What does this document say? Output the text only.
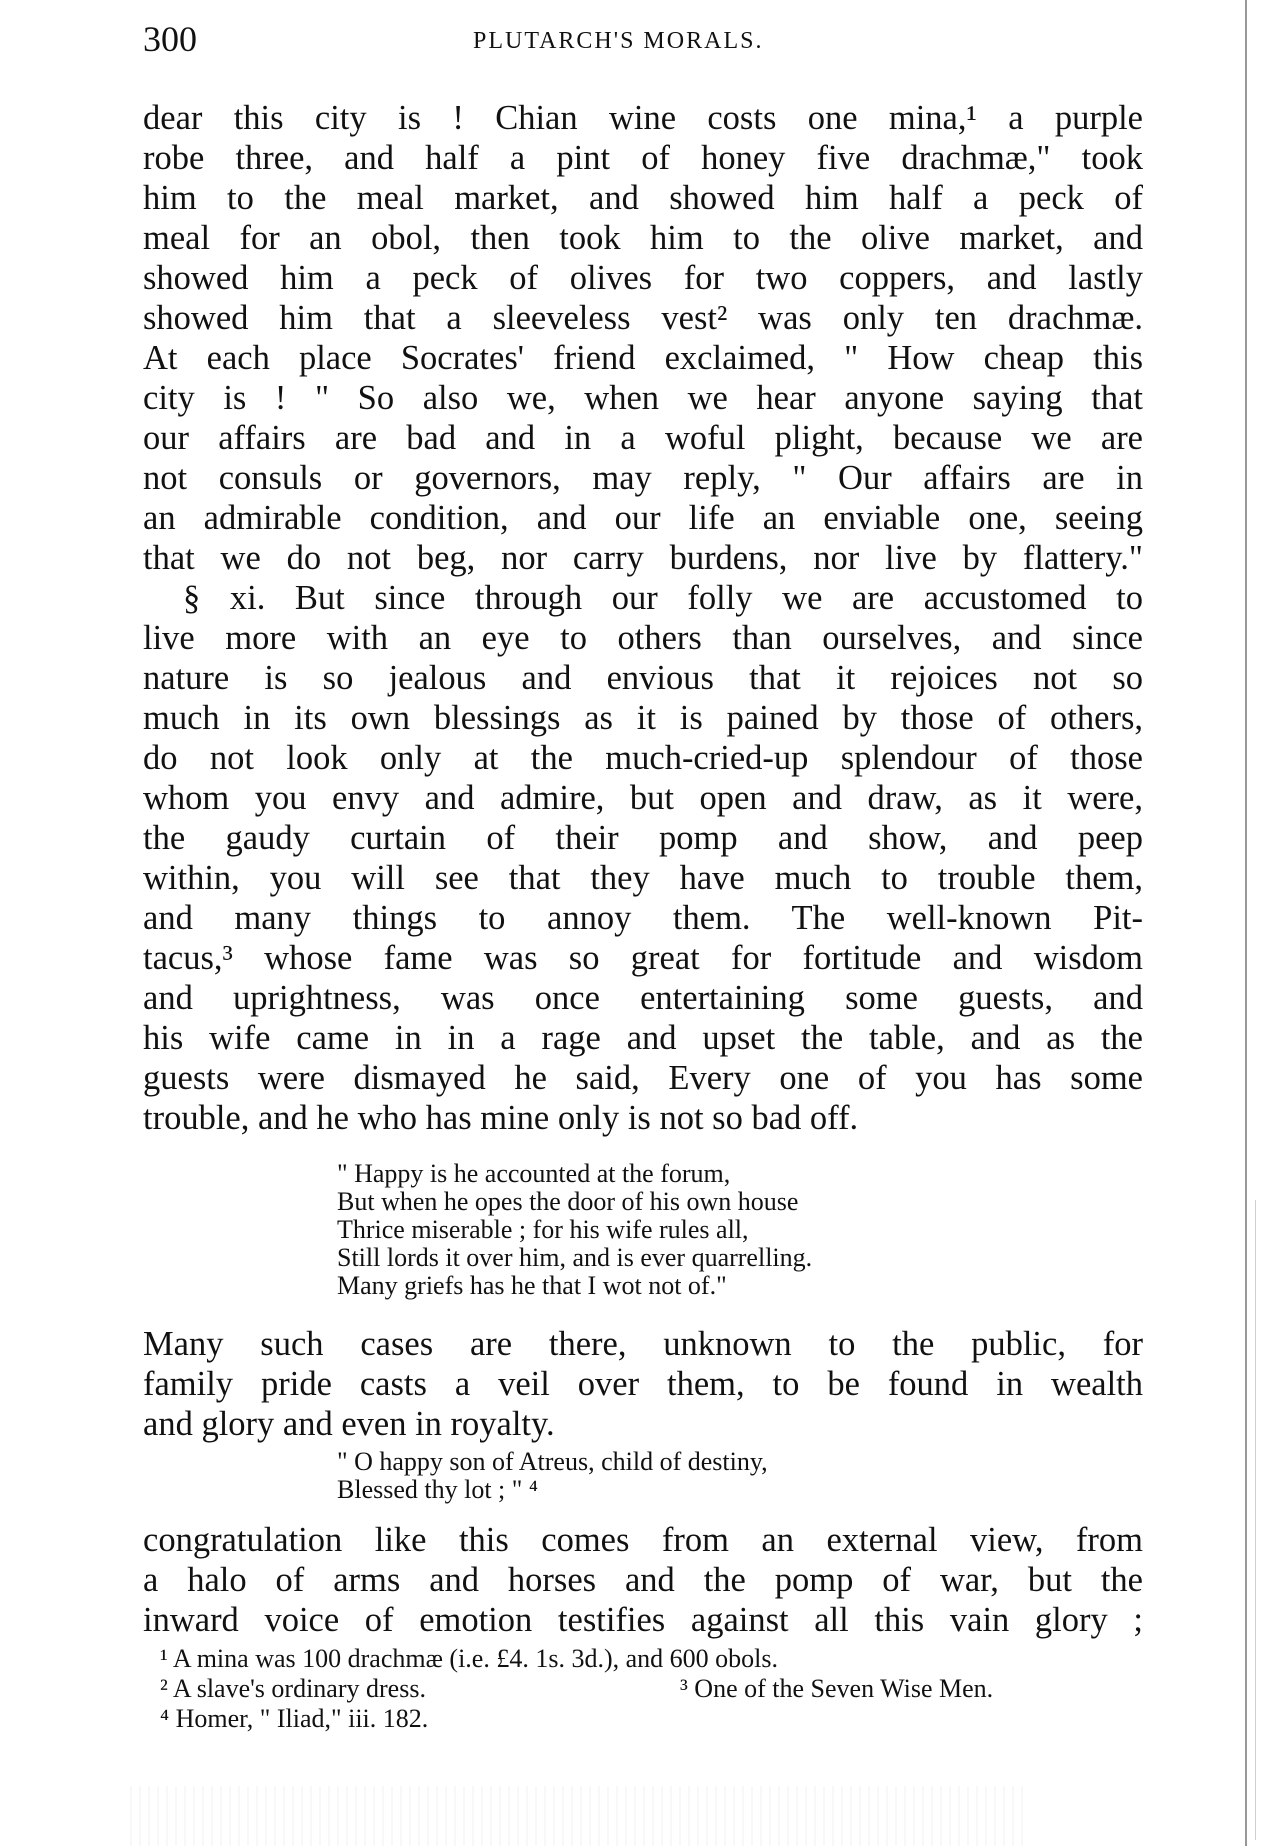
300	PLUTARCH'S MORALS.
dear this city is ! Chian wine costs one mina,¹ a purple
robe three, and half a pint of honey five drachmæ," took
him to the meal market, and showed him half a peck of
meal for an obol, then took him to the olive market, and
showed him a peck of olives for two coppers, and lastly
showed him that a sleeveless vest² was only ten drachmæ.
At each place Socrates' friend exclaimed, " How cheap this
city is ! " So also we, when we hear anyone saying that
our affairs are bad and in a woful plight, because we are
not consuls or governors, may reply, " Our affairs are in
an admirable condition, and our life an enviable one, seeing
that we do not beg, nor carry burdens, nor live by flattery."
§ xi. But since through our folly we are accustomed to
live more with an eye to others than ourselves, and since
nature is so jealous and envious that it rejoices not so
much in its own blessings as it is pained by those of others,
do not look only at the much-cried-up splendour of those
whom you envy and admire, but open and draw, as it were,
the gaudy curtain of their pomp and show, and peep
within, you will see that they have much to trouble them,
and many things to annoy them. The well-known Pit-
tacus,³ whose fame was so great for fortitude and wisdom
and uprightness, was once entertaining some guests, and
his wife came in in a rage and upset the table, and as the
guests were dismayed he said, Every one of you has some
trouble, and he who has mine only is not so bad off.
" Happy is he accounted at the forum,
But when he opes the door of his own house
Thrice miserable ; for his wife rules all,
Still lords it over him, and is ever quarrelling.
Many griefs has he that I wot not of."
Many such cases are there, unknown to the public, for
family pride casts a veil over them, to be found in wealth
and glory and even in royalty.
" O happy son of Atreus, child of destiny,
Blessed thy lot ; " ⁴
congratulation like this comes from an external view, from
a halo of arms and horses and the pomp of war, but the
inward voice of emotion testifies against all this vain glory ;
¹ A mina was 100 drachmæ (i.e. £4. 1s. 3d.), and 600 obols.
² A slave's ordinary dress.	³ One of the Seven Wise Men.
⁴ Homer, " Iliad," iii. 182.
